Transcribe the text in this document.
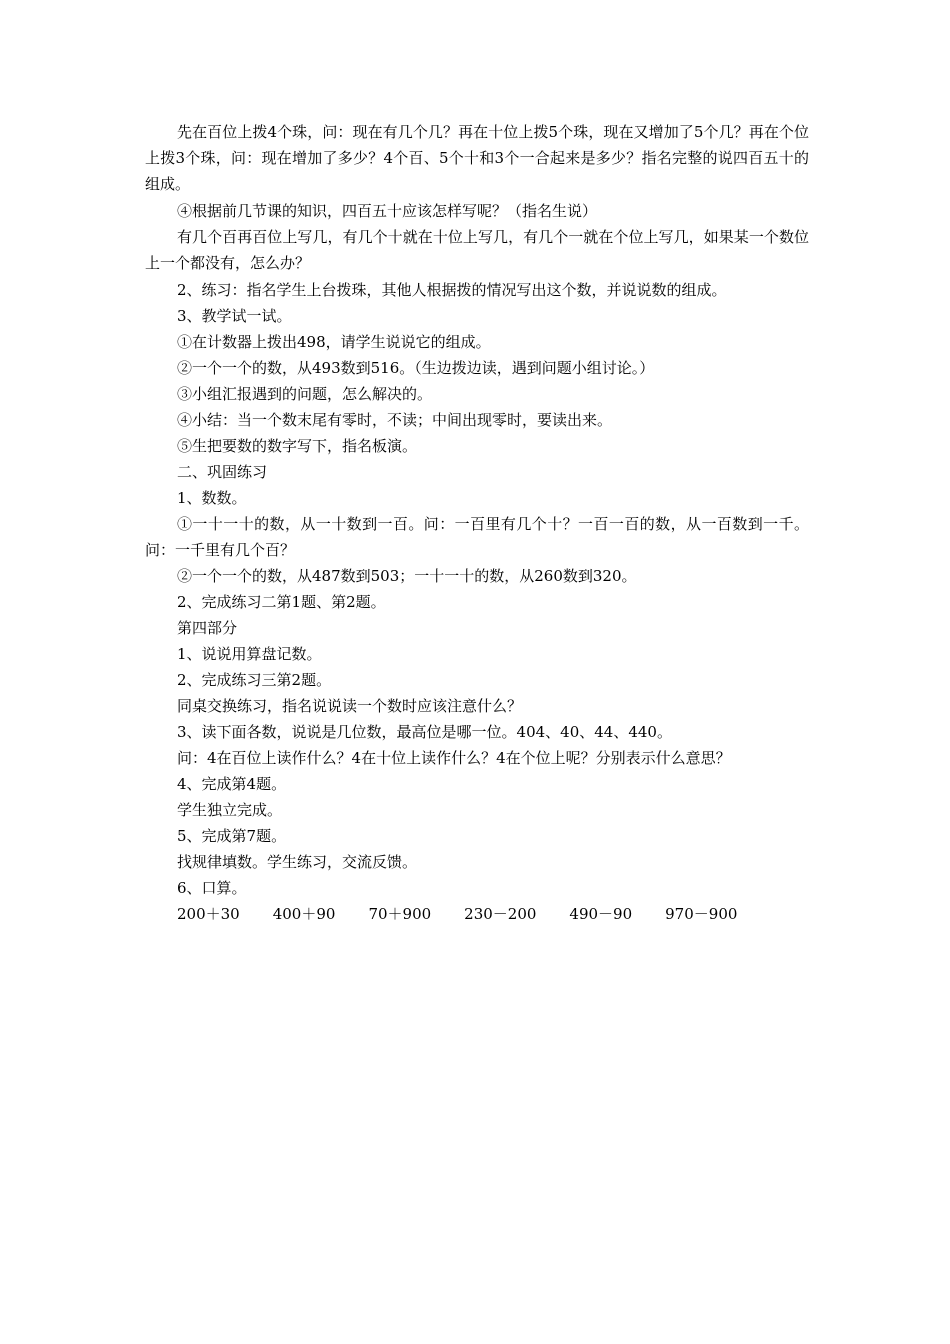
先在百位上拨4个珠，问：现在有几个几？再在十位上拨5个珠，现在又增加了5个几？再在个位上拨3个珠，问：现在增加了多少？4个百、5个十和3个一合起来是多少？指名完整的说四百五十的组成。

④根据前几节课的知识，四百五十应该怎样写呢？（指名生说）

有几个百再百位上写几，有几个十就在十位上写几，有几个一就在个位上写几，如果某一个数位上一个都没有，怎么办？

2、练习：指名学生上台拨珠，其他人根据拨的情况写出这个数，并说说数的组成。

3、教学试一试。

①在计数器上拨出498，请学生说说它的组成。

②一个一个的数，从493数到516。（生边拨边读，遇到问题小组讨论。）

③小组汇报遇到的问题，怎么解决的。

④小结：当一个数末尾有零时，不读；中间出现零时，要读出来。

⑤生把要数的数字写下，指名板演。

二、巩固练习

1、数数。

①一十一十的数，从一十数到一百。问：一百里有几个十？一百一百的数，从一百数到一千。问：一千里有几个百？

②一个一个的数，从487数到503；一十一十的数，从260数到320。

2、完成练习二第1题、第2题。

第四部分

1、说说用算盘记数。

2、完成练习三第2题。

同桌交换练习，指名说说读一个数时应该注意什么？

3、读下面各数，说说是几位数，最高位是哪一位。404、40、44、440。

问：4在百位上读作什么？4在十位上读作什么？4在个位上呢？分别表示什么意思？

4、完成第4题。

学生独立完成。

5、完成第7题。

找规律填数。学生练习，交流反馈。

6、口算。

200＋30 400＋90 70＋900 230－200 490－90 970－900
